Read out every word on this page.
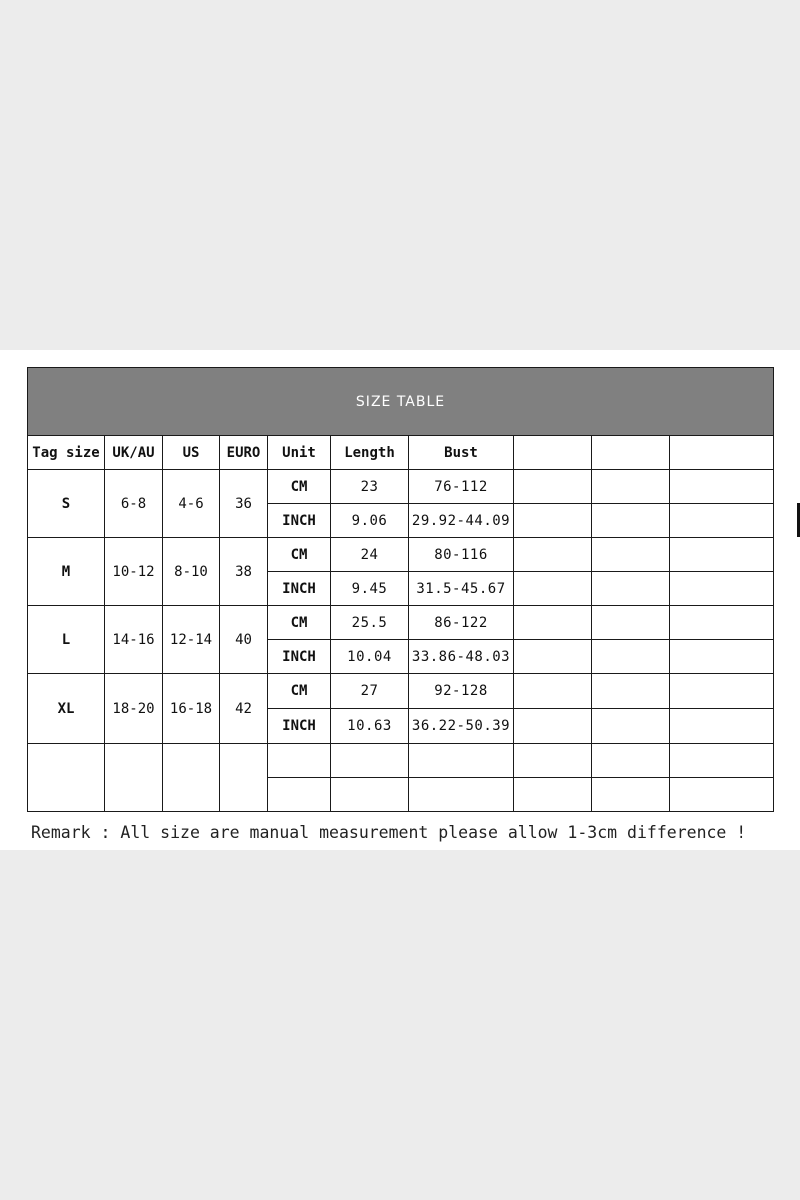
SIZE TABLE									
Tag size	UK/AU	US	EURO	Unit	Length	Bust			
S	6-8	4-6	36	CM	23	76-112			
				INCH	9.06	29.92-44.09			
M	10-12	8-10	38	CM	24	80-116			
				INCH	9.45	31.5-45.67			
L	14-16	12-14	40	CM	25.5	86-122			
				INCH	10.04	33.86-48.03			
XL	18-20	16-18	42	CM	27	92-128			
				INCH	10.63	36.22-50.39			

Remark : All size are manual measurement please allow 1-3cm difference !
